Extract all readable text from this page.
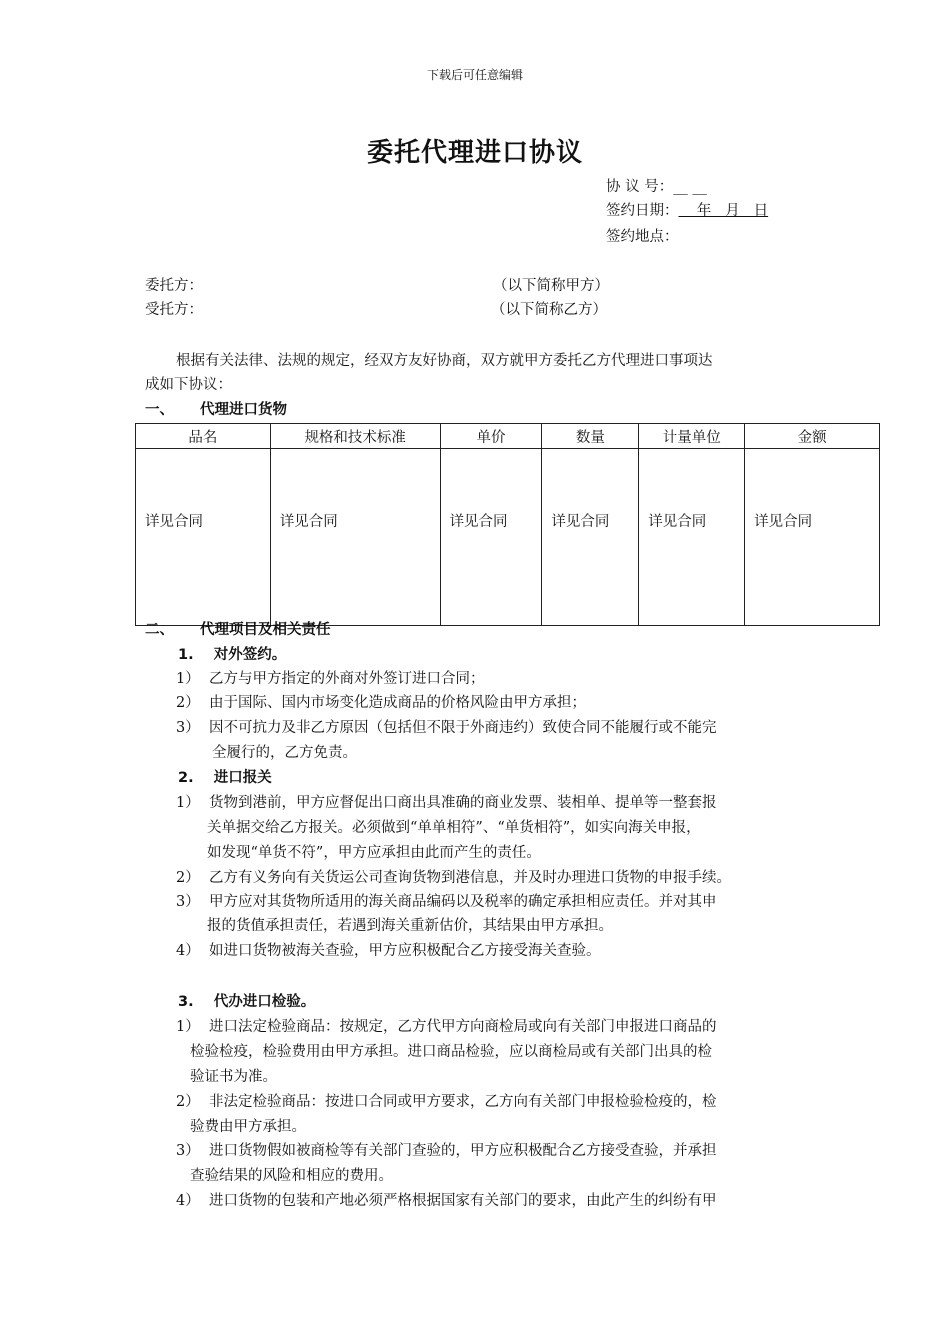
下载后可任意编辑
委托代理进口协议
协 议 号：__ __
签约日期：    年   月   日
签约地点：
委托方：	（以下简称甲方）
受托方：	（以下简称乙方）
根据有关法律、法规的规定，经双方友好协商，双方就甲方委托乙方代理进口事项达
成如下协议：
一、 代理进口货物
品名	规格和技术标准	单价	数量	计量单位	金额
详见合同	详见合同	详见合同	详见合同	详见合同	详见合同
二、 代理项目及相关责任
1.    对外签约。
1）  乙方与甲方指定的外商对外签订进口合同；
2）  由于国际、国内市场变化造成商品的价格风险由甲方承担；
3）  因不可抗力及非乙方原因（包括但不限于外商违约）致使合同不能履行或不能完
全履行的，乙方免责。
2.    进口报关
1）  货物到港前，甲方应督促出口商出具准确的商业发票、装相单、提单等一整套报
关单据交给乙方报关。必须做到“单单相符”、“单货相符”，如实向海关申报，
如发现“单货不符”，甲方应承担由此而产生的责任。
2）  乙方有义务向有关货运公司查询货物到港信息，并及时办理进口货物的申报手续。
3）  甲方应对其货物所适用的海关商品编码以及税率的确定承担相应责任。并对其申
报的货值承担责任，若遇到海关重新估价，其结果由甲方承担。
4）  如进口货物被海关查验，甲方应积极配合乙方接受海关查验。
3.    代办进口检验。
1）  进口法定检验商品：按规定，乙方代甲方向商检局或向有关部门申报进口商品的
检验检疫，检验费用由甲方承担。进口商品检验，应以商检局或有关部门出具的检
验证书为准。
2）  非法定检验商品：按进口合同或甲方要求，乙方向有关部门申报检验检疫的，检
验费由甲方承担。
3）  进口货物假如被商检等有关部门查验的，甲方应积极配合乙方接受查验，并承担
查验结果的风险和相应的费用。
4）  进口货物的包装和产地必须严格根据国家有关部门的要求，由此产生的纠纷有甲
